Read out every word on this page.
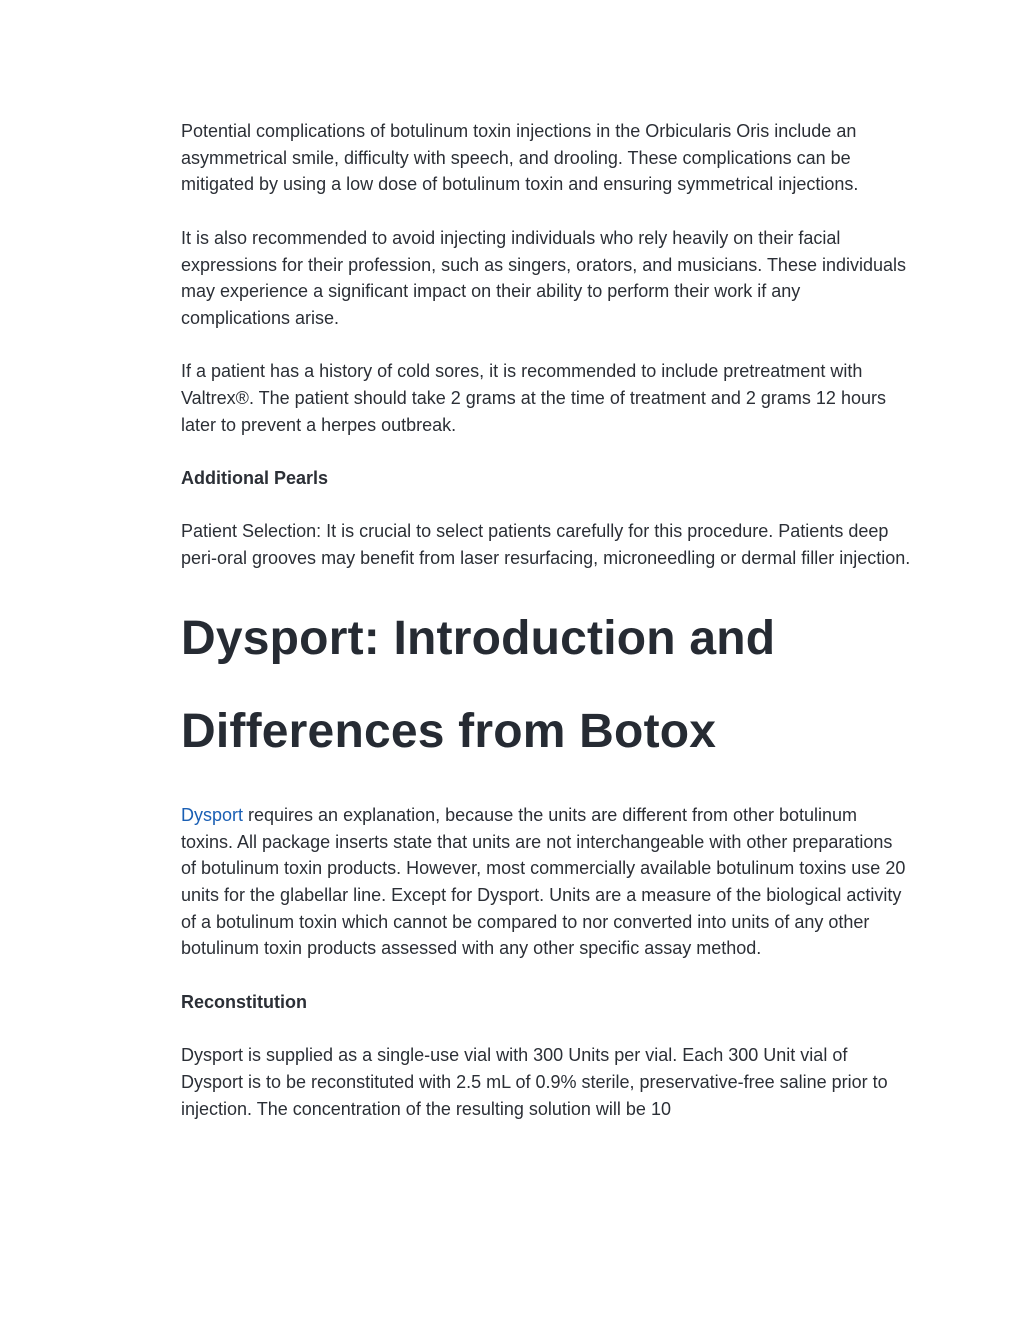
Potential complications of botulinum toxin injections in the Orbicularis Oris include an asymmetrical smile, difficulty with speech, and drooling. These complications can be mitigated by using a low dose of botulinum toxin and ensuring symmetrical injections.

It is also recommended to avoid injecting individuals who rely heavily on their facial expressions for their profession, such as singers, orators, and musicians. These individuals may experience a significant impact on their ability to perform their work if any complications arise.

If a patient has a history of cold sores, it is recommended to include pretreatment with Valtrex®. The patient should take 2 grams at the time of treatment and 2 grams 12 hours later to prevent a herpes outbreak.

Additional Pearls

Patient Selection: It is crucial to select patients carefully for this procedure. Patients deep peri-oral grooves may benefit from laser resurfacing, microneedling or dermal filler injection.

Dysport: Introduction and
Differences from Botox

Dysport requires an explanation, because the units are different from other botulinum toxins. All package inserts state that units are not interchangeable with other preparations of botulinum toxin products. However, most commercially available botulinum toxins use 20 units for the glabellar line. Except for Dysport. Units are a measure of the biological activity of a botulinum toxin which cannot be compared to nor converted into units of any other botulinum toxin products assessed with any other specific assay method.

Reconstitution

Dysport is supplied as a single-use vial with 300 Units per vial. Each 300 Unit vial of Dysport is to be reconstituted with 2.5 mL of 0.9% sterile, preservative-free saline prior to injection. The concentration of the resulting solution will be 10
